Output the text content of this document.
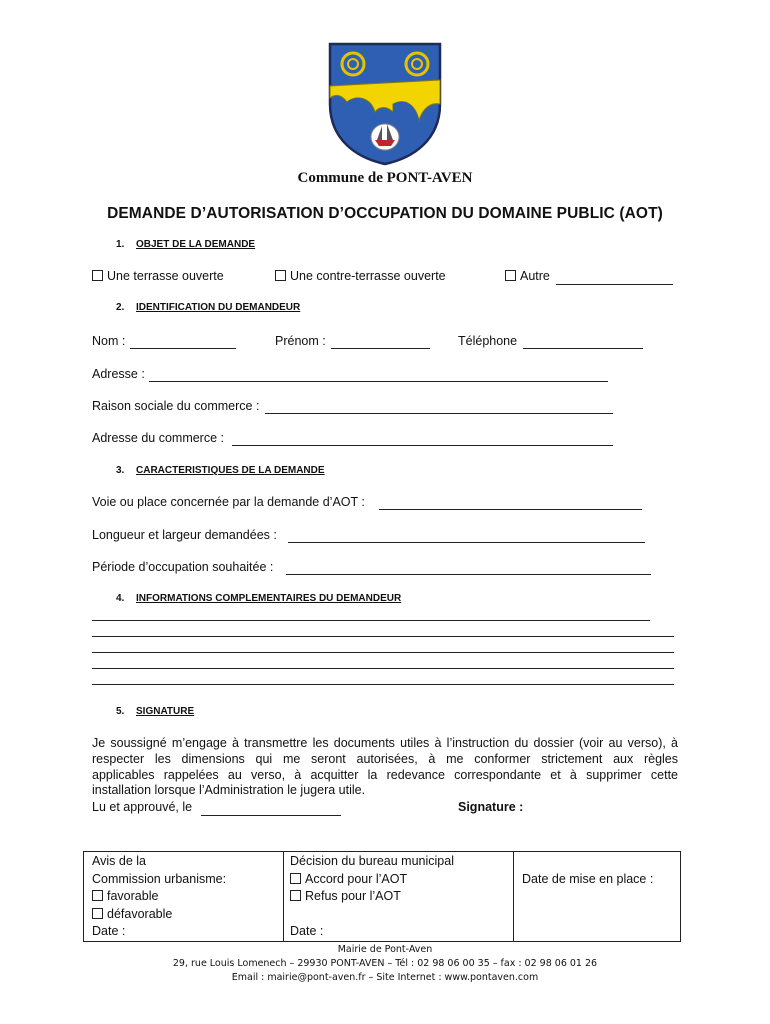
Commune de PONT-AVEN
DEMANDE D’AUTORISATION D’OCCUPATION DU DOMAINE PUBLIC (AOT)
1. OBJET DE LA DEMANDE
Une terrasse ouverte	Une contre-terrasse ouverte	Autre
2. IDENTIFICATION DU DEMANDEUR
Nom :	Prénom :	Téléphone
Adresse :
Raison sociale du commerce :
Adresse du commerce :
3. CARACTERISTIQUES DE LA DEMANDE
Voie ou place concernée par la demande d’AOT :
Longueur et largeur demandées :
Période d’occupation souhaitée :
4. INFORMATIONS COMPLEMENTAIRES DU DEMANDEUR
5. SIGNATURE
Je soussigné m’engage à transmettre les documents utiles à l’instruction du dossier (voir au verso), à
respecter les dimensions qui me seront autorisées, à me conformer strictement aux règles
applicables rappelées au verso, à acquitter la redevance correspondante et à supprimer cette
installation lorsque l’Administration le jugera utile.
Lu et approuvé, le	Signature :
Avis de la
Commission urbanisme:
favorable
défavorable
Date :

Décision du bureau municipal
Accord pour l’AOT
Refus pour l’AOT
Date :

Date de mise en place :
Mairie de Pont-Aven
29, rue Louis Lomenech – 29930 PONT-AVEN – Tél : 02 98 06 00 35 – fax : 02 98 06 01 26
Email : mairie@pont-aven.fr – Site Internet : www.pontaven.com
